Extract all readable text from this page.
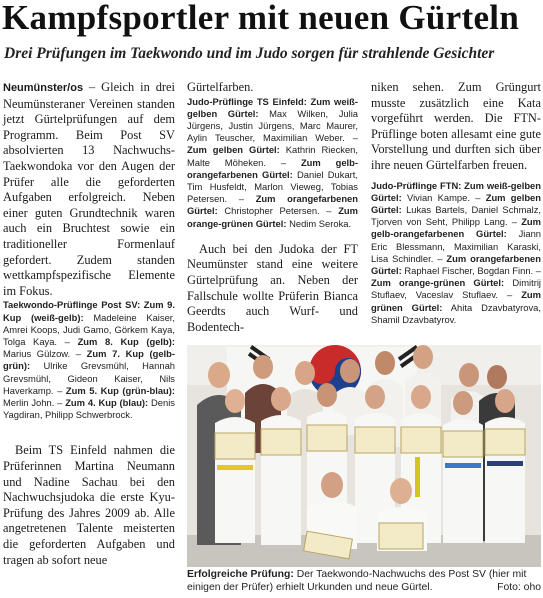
Kampfsportler mit neuen Gürteln
Drei Prüfungen im Taekwondo und im Judo sorgen für strahlende Gesichter

Neumünster/os – Gleich in drei Neumünsteraner Vereinen standen jetzt Gürtelprüfungen auf dem Programm. Beim Post SV absolvierten 13 Nachwuchs-Taekwondoka vor den Augen der Prüfer alle die geforderten Aufgaben erfolgreich. Neben einer guten Grundtechnik waren auch ein Bruchtest sowie ein traditioneller Formenlauf gefordert. Zudem standen wettkampfspezifische Elemente im Fokus.

Taekwondo-Prüflinge Post SV: Zum 9. Kup (weiß-gelb): Madeleine Kaiser, Amrei Koops, Judi Gamo, Görkem Kaya, Tolga Kaya. – Zum 8. Kup (gelb): Marius Gülzow. – Zum 7. Kup (gelb-grün): Ulrike Grevsmühl, Hannah Grevsmühl, Gideon Kaiser, Nils Haverkamp. – Zum 5. Kup (grün-blau): Merlin John. – Zum 4. Kup (blau): Denis Yagdiran, Philipp Schwerbrock.

Beim TS Einfeld nahmen die Prüferinnen Martina Neumann und Nadine Sachau bei den Nachwuchsjudoka die erste Kyu-Prüfung des Jahres 2009 ab. Alle angetretenen Talente meisterten die geforderten Aufgaben und tragen ab sofort neue

Gürtelfarben.

Judo-Prüflinge TS Einfeld: Zum weiß-gelben Gürtel: Max Wilken, Julia Jürgens, Justin Jürgens, Marc Maurer, Aylin Teuscher, Maximilian Weber. – Zum gelben Gürtel: Kathrin Riecken, Malte Möheken. – Zum gelb-orangefarbenen Gürtel: Daniel Dukart, Tim Husfeldt, Marlon Vieweg, Tobias Petersen. – Zum orangefarbenen Gürtel: Christopher Petersen. – Zum orange-grünen Gürtel: Nedim Seroka.

Auch bei den Judoka der FT Neumünster stand eine weitere Gürtelprüfung an. Neben der Fallschule wollte Prüferin Bianca Geerdts auch Wurf- und Bodentech-

niken sehen. Zum Grüngurt musste zusätzlich eine Kata vorgeführt werden. Die FTN-Prüflinge boten allesamt eine gute Vorstellung und durften sich über ihre neuen Gürtelfarben freuen.

Judo-Prüflinge FTN: Zum weiß-gelben Gürtel: Vivian Kampe. – Zum gelben Gürtel: Lukas Bartels, Daniel Schmalz, Tjorven von Seht, Philipp Lang. – Zum gelb-orangefarbenen Gürtel: Jiann Eric Blessmann, Maximilian Karaski, Lisa Schindler. – Zum orangefarbenen Gürtel: Raphael Fischer, Bogdan Finn. – Zum orange-grünen Gürtel: Dimitrij Stuflaev, Vaceslav Stuflaev. – Zum grünen Gürtel: Ahita Dzavbatyrova, Shamil Dzavbatyrov.

Erfolgreiche Prüfung: Der Taekwondo-Nachwuchs des Post SV (hier mit einigen der Prüfer) erhielt Urkunden und neue Gürtel.	Foto: oho
